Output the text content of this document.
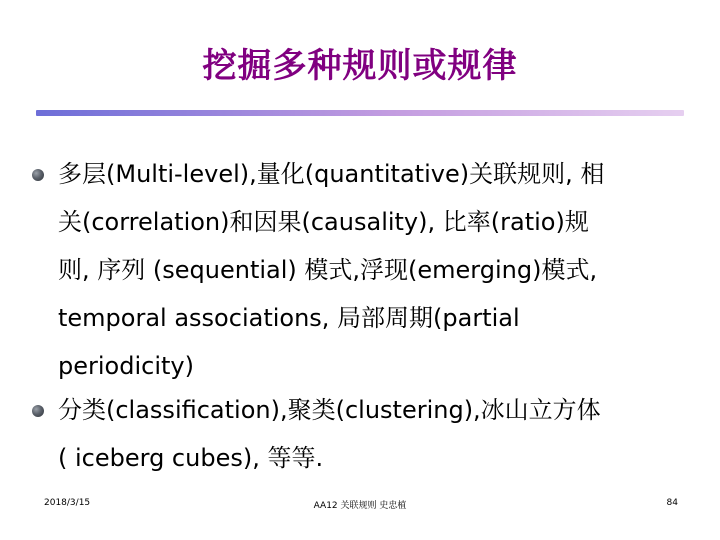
挖掘多种规则或规律
多层(Multi-level),量化(quantitative)关联规则, 相
关(correlation)和因果(causality), 比率(ratio)规
则, 序列 (sequential) 模式,浮现(emerging)模式,
temporal associations, 局部周期(partial
periodicity)
分类(classification),聚类(clustering),冰山立方体
( iceberg cubes), 等等.
2018/3/15	AA12 关联规则 史忠植	84
